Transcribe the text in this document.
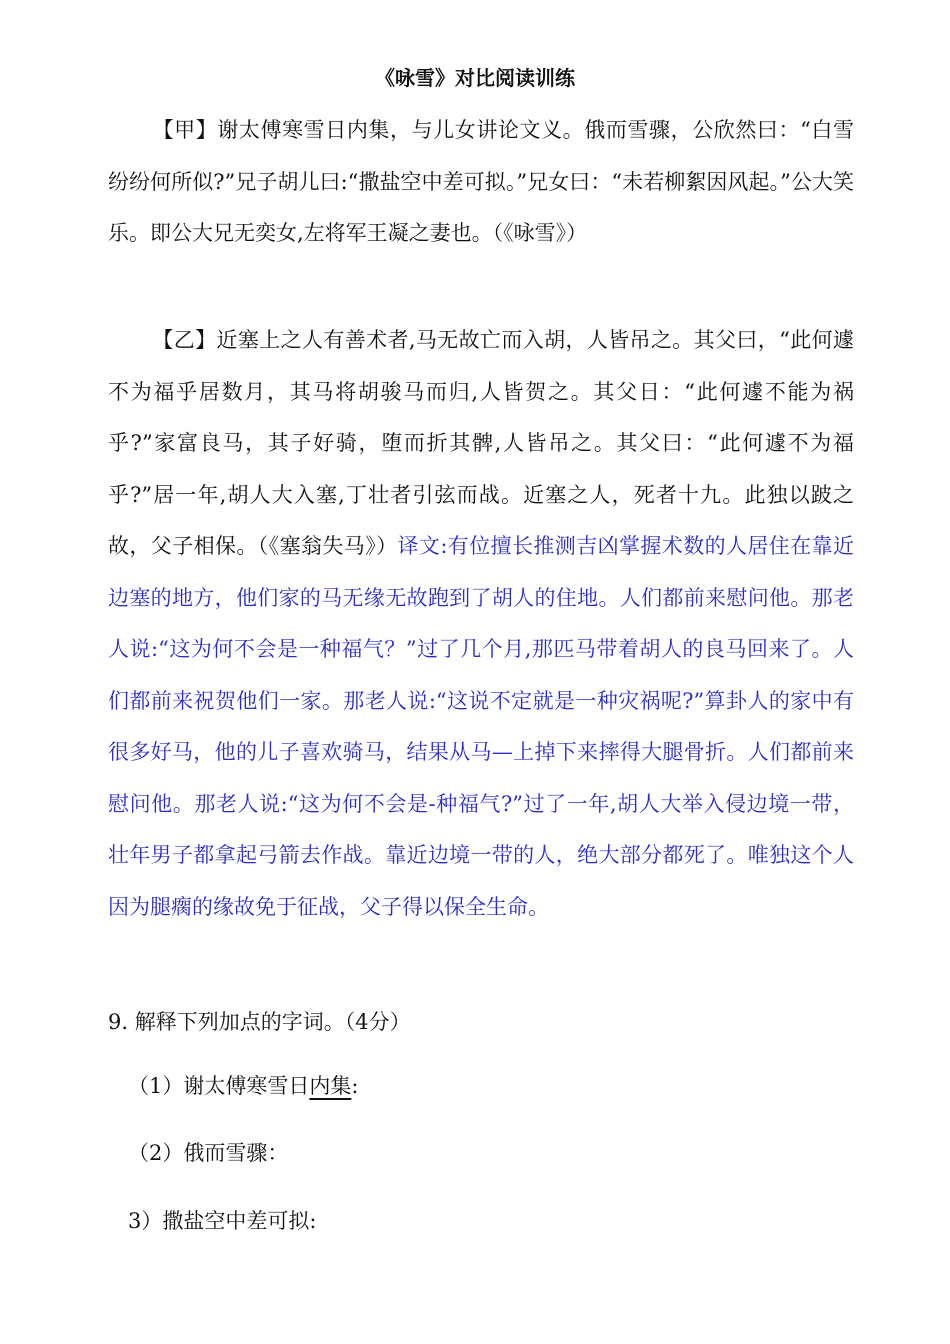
《咏雪》对比阅读训练
【甲】谢太傅寒雪日内集，与儿女讲论文义。俄而雪骤，公欣然曰：“白雪纷纷何所似?”兄子胡儿曰:“撒盐空中差可拟。”兄女曰：“未若柳絮因风起。”公大笑乐。即公大兄无奕女,左将军王凝之妻也。（《咏雪》）
【乙】近塞上之人有善术者,马无故亡而入胡，人皆吊之。其父曰，“此何遽不为福乎居数月，其马将胡骏马而归,人皆贺之。其父日：“此何遽不能为祸乎?”家富良马，其子好骑，堕而折其髀,人皆吊之。其父曰：“此何遽不为福乎?”居一年,胡人大入塞,丁壮者引弦而战。近塞之人，死者十九。此独以跛之故，父子相保。（《塞翁失马》）译文:有位擅长推测吉凶掌握术数的人居住在靠近边塞的地方，他们家的马无缘无故跑到了胡人的住地。人们都前来慰问他。那老人说:“这为何不会是一种福气？”过了几个月,那匹马带着胡人的良马回来了。人们都前来祝贺他们一家。那老人说:“这说不定就是一种灾祸呢?”算卦人的家中有很多好马，他的儿子喜欢骑马，结果从马—上掉下来摔得大腿骨折。人们都前来慰问他。那老人说:“这为何不会是-种福气?”过了一年,胡人大举入侵边境一带，壮年男子都拿起弓箭去作战。靠近边境一带的人，绝大部分都死了。唯独这个人因为腿瘸的缘故免于征战，父子得以保全生命。
9. 解释下列加点的字词。（4分）
（1）谢太傅寒雪日内集:
（2）俄而雪骤：
3）撒盐空中差可拟:
